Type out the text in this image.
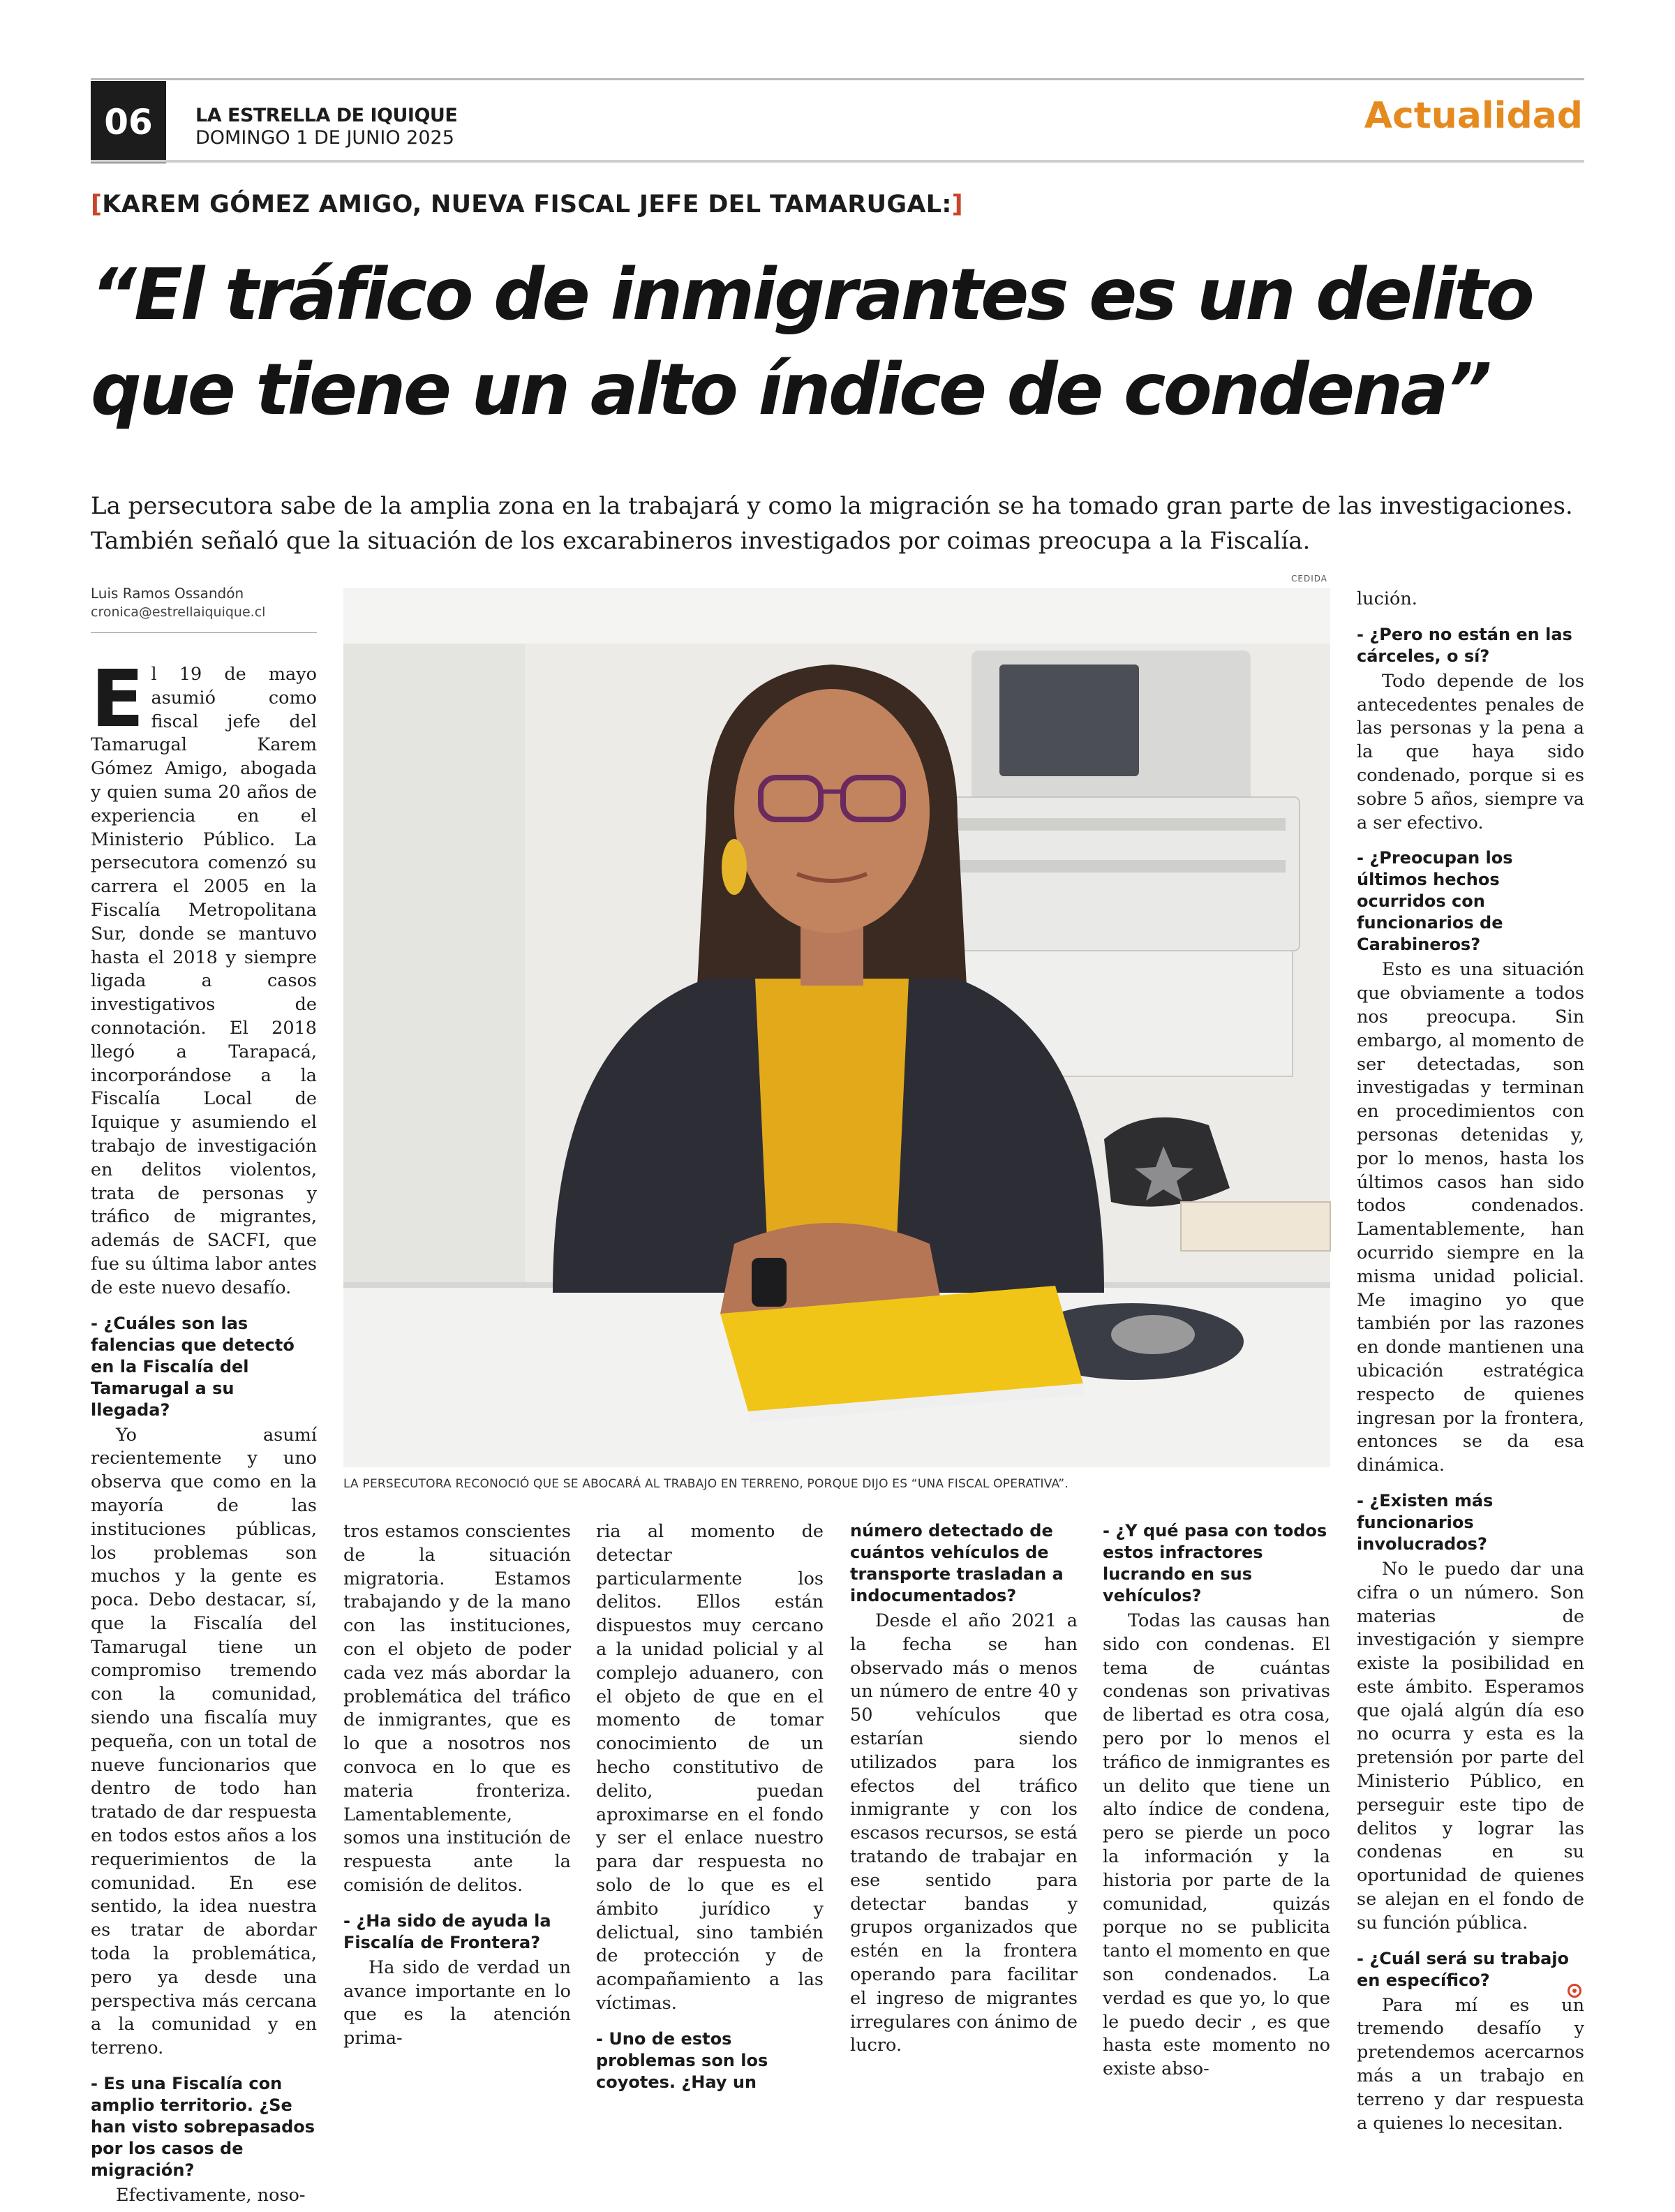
06	LA ESTRELLA DE IQUIQUE
DOMINGO 1 DE JUNIO 2025
Actualidad
[KAREM GÓMEZ AMIGO, NUEVA FISCAL JEFE DEL TAMARUGAL:]
“El tráfico de inmigrantes es un delito
que tiene un alto índice de condena”
La persecutora sabe de la amplia zona en la trabajará y como la migración se ha tomado gran parte de las investigaciones.
También señaló que la situación de los excarabineros investigados por coimas preocupa a la Fiscalía.
Luis Ramos Ossandón
cronica@estrellaiquique.cl
CEDIDA
LA PERSECUTORA RECONOCIÓ QUE SE ABOCARÁ AL TRABAJO EN TERRENO, PORQUE DIJO ES “UNA FISCAL OPERATIVA”.

El 19 de mayo asumió como fiscal jefe del Tamarugal Karem Gómez Amigo, abogada y quien suma 20 años de experiencia en el Ministerio Público. La persecutora comenzó su carrera el 2005 en la Fiscalía Metropolitana Sur, donde se mantuvo hasta el 2018 y siempre ligada a casos investigativos de connotación. El 2018 llegó a Tarapacá, incorporándose a la Fiscalía Local de Iquique y asumiendo el trabajo de investigación en delitos violentos, trata de personas y tráfico de migrantes, además de SACFI, que fue su última labor antes de este nuevo desafío.

- ¿Cuáles son las falencias que detectó en la Fiscalía del Tamarugal a su llegada?

Yo asumí recientemente y uno observa que como en la mayoría de las instituciones públicas, los problemas son muchos y la gente es poca. Debo destacar, sí, que la Fiscalía del Tamarugal tiene un compromiso tremendo con la comunidad, siendo una fiscalía muy pequeña, con un total de nueve funcionarios que dentro de todo han tratado de dar respuesta en todos estos años a los requerimientos de la comunidad. En ese sentido, la idea nuestra es tratar de abordar toda la problemática, pero ya desde una perspectiva más cercana a la comunidad y en terreno.

- Es una Fiscalía con amplio territorio. ¿Se han visto sobrepasados por los casos de migración?

Efectivamente, noso-

tros estamos conscientes de la situación migratoria. Estamos trabajando y de la mano con las instituciones, con el objeto de poder cada vez más abordar la problemática del tráfico de inmigrantes, que es lo que a nosotros nos convoca en lo que es materia fronteriza. Lamentablemente, somos una institución de respuesta ante la comisión de delitos.

- ¿Ha sido de ayuda la Fiscalía de Frontera?

Ha sido de verdad un avance importante en lo que es la atención prima-

ria al momento de detectar particularmente los delitos. Ellos están dispuestos muy cercano a la unidad policial y al complejo aduanero, con el objeto de que en el momento de tomar conocimiento de un hecho constitutivo de delito, puedan aproximarse en el fondo y ser el enlace nuestro para dar respuesta no solo de lo que es el ámbito jurídico y delictual, sino también de protección y de acompañamiento a las víctimas.

- Uno de estos problemas son los coyotes. ¿Hay un
número detectado de cuántos vehículos de transporte trasladan a indocumentados?

Desde el año 2021 a la fecha se han observado más o menos un número de entre 40 y 50 vehículos que estarían siendo utilizados para los efectos del tráfico inmigrante y con los escasos recursos, se está tratando de trabajar en ese sentido para detectar bandas y grupos organizados que estén en la frontera operando para facilitar el ingreso de migrantes irregulares con ánimo de lucro.

- ¿Y qué pasa con todos estos infractores lucrando en sus vehículos?

Todas las causas han sido con condenas. El tema de cuántas condenas son privativas de libertad es otra cosa, pero por lo menos el tráfico de inmigrantes es un delito que tiene un alto índice de condena, pero se pierde un poco la información y la historia por parte de la comunidad, quizás porque no se publicita tanto el momento en que son condenados. La verdad es que yo, lo que le puedo decir , es que hasta este momento no existe abso-

lución.

- ¿Pero no están en las cárceles, o sí?

Todo depende de los antecedentes penales de las personas y la pena a la que haya sido condenado, porque si es sobre 5 años, siempre va a ser efectivo.

- ¿Preocupan los últimos hechos ocurridos con funcionarios de Carabineros?

Esto es una situación que obviamente a todos nos preocupa. Sin embargo, al momento de ser detectadas, son investigadas y terminan en procedimientos con personas detenidas y, por lo menos, hasta los últimos casos han sido todos condenados. Lamentablemente, han ocurrido siempre en la misma unidad policial. Me imagino yo que también por las razones en donde mantienen una ubicación estratégica respecto de quienes ingresan por la frontera, entonces se da esa dinámica.

- ¿Existen más funcionarios involucrados?

No le puedo dar una cifra o un número. Son materias de investigación y siempre existe la posibilidad en este ámbito. Esperamos que ojalá algún día eso no ocurra y esta es la pretensión por parte del Ministerio Público, en perseguir este tipo de delitos y lograr las condenas en su oportunidad de quienes se alejan en el fondo de su función pública.

- ¿Cuál será su trabajo en específico?

Para mí es un tremendo desafío y pretendemos acercarnos más a un trabajo en terreno y dar respuesta a quienes lo necesitan.
